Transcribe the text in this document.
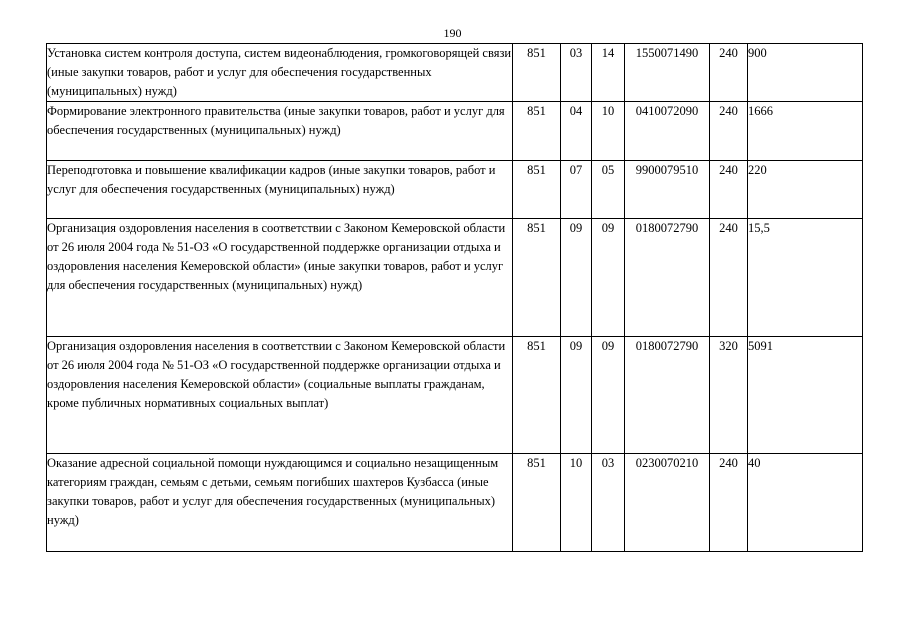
190
Установка систем контроля доступа, систем видеонаблюдения, громкоговорящей связи (иные закупки товаров, работ и услуг для обеспечения государственных (муниципальных) нужд)	851	03	14	1550071490	240	900
Формирование электронного правительства (иные закупки товаров, работ и услуг для обеспечения государственных (муниципальных) нужд)	851	04	10	0410072090	240	1666
Переподготовка и повышение квалификации кадров (иные закупки товаров, работ и услуг для обеспечения государственных (муниципальных) нужд)	851	07	05	9900079510	240	220
Организация оздоровления населения в соответствии с Законом Кемеровской области от 26 июля 2004 года № 51-ОЗ «О государственной поддержке организации отдыха и оздоровления населения Кемеровской области» (иные закупки товаров, работ и услуг для обеспечения государственных (муниципальных) нужд)	851	09	09	0180072790	240	15,5
Организация оздоровления населения в соответствии с Законом Кемеровской области от 26 июля 2004 года № 51-ОЗ «О государственной поддержке организации отдыха и оздоровления населения Кемеровской области» (социальные выплаты гражданам, кроме публичных нормативных социальных выплат)	851	09	09	0180072790	320	5091
Оказание адресной социальной помощи нуждающимся и социально незащищенным категориям граждан, семьям с детьми, семьям погибших шахтеров Кузбасса (иные закупки товаров, работ и услуг для обеспечения государственных (муниципальных) нужд)	851	10	03	0230070210	240	40
